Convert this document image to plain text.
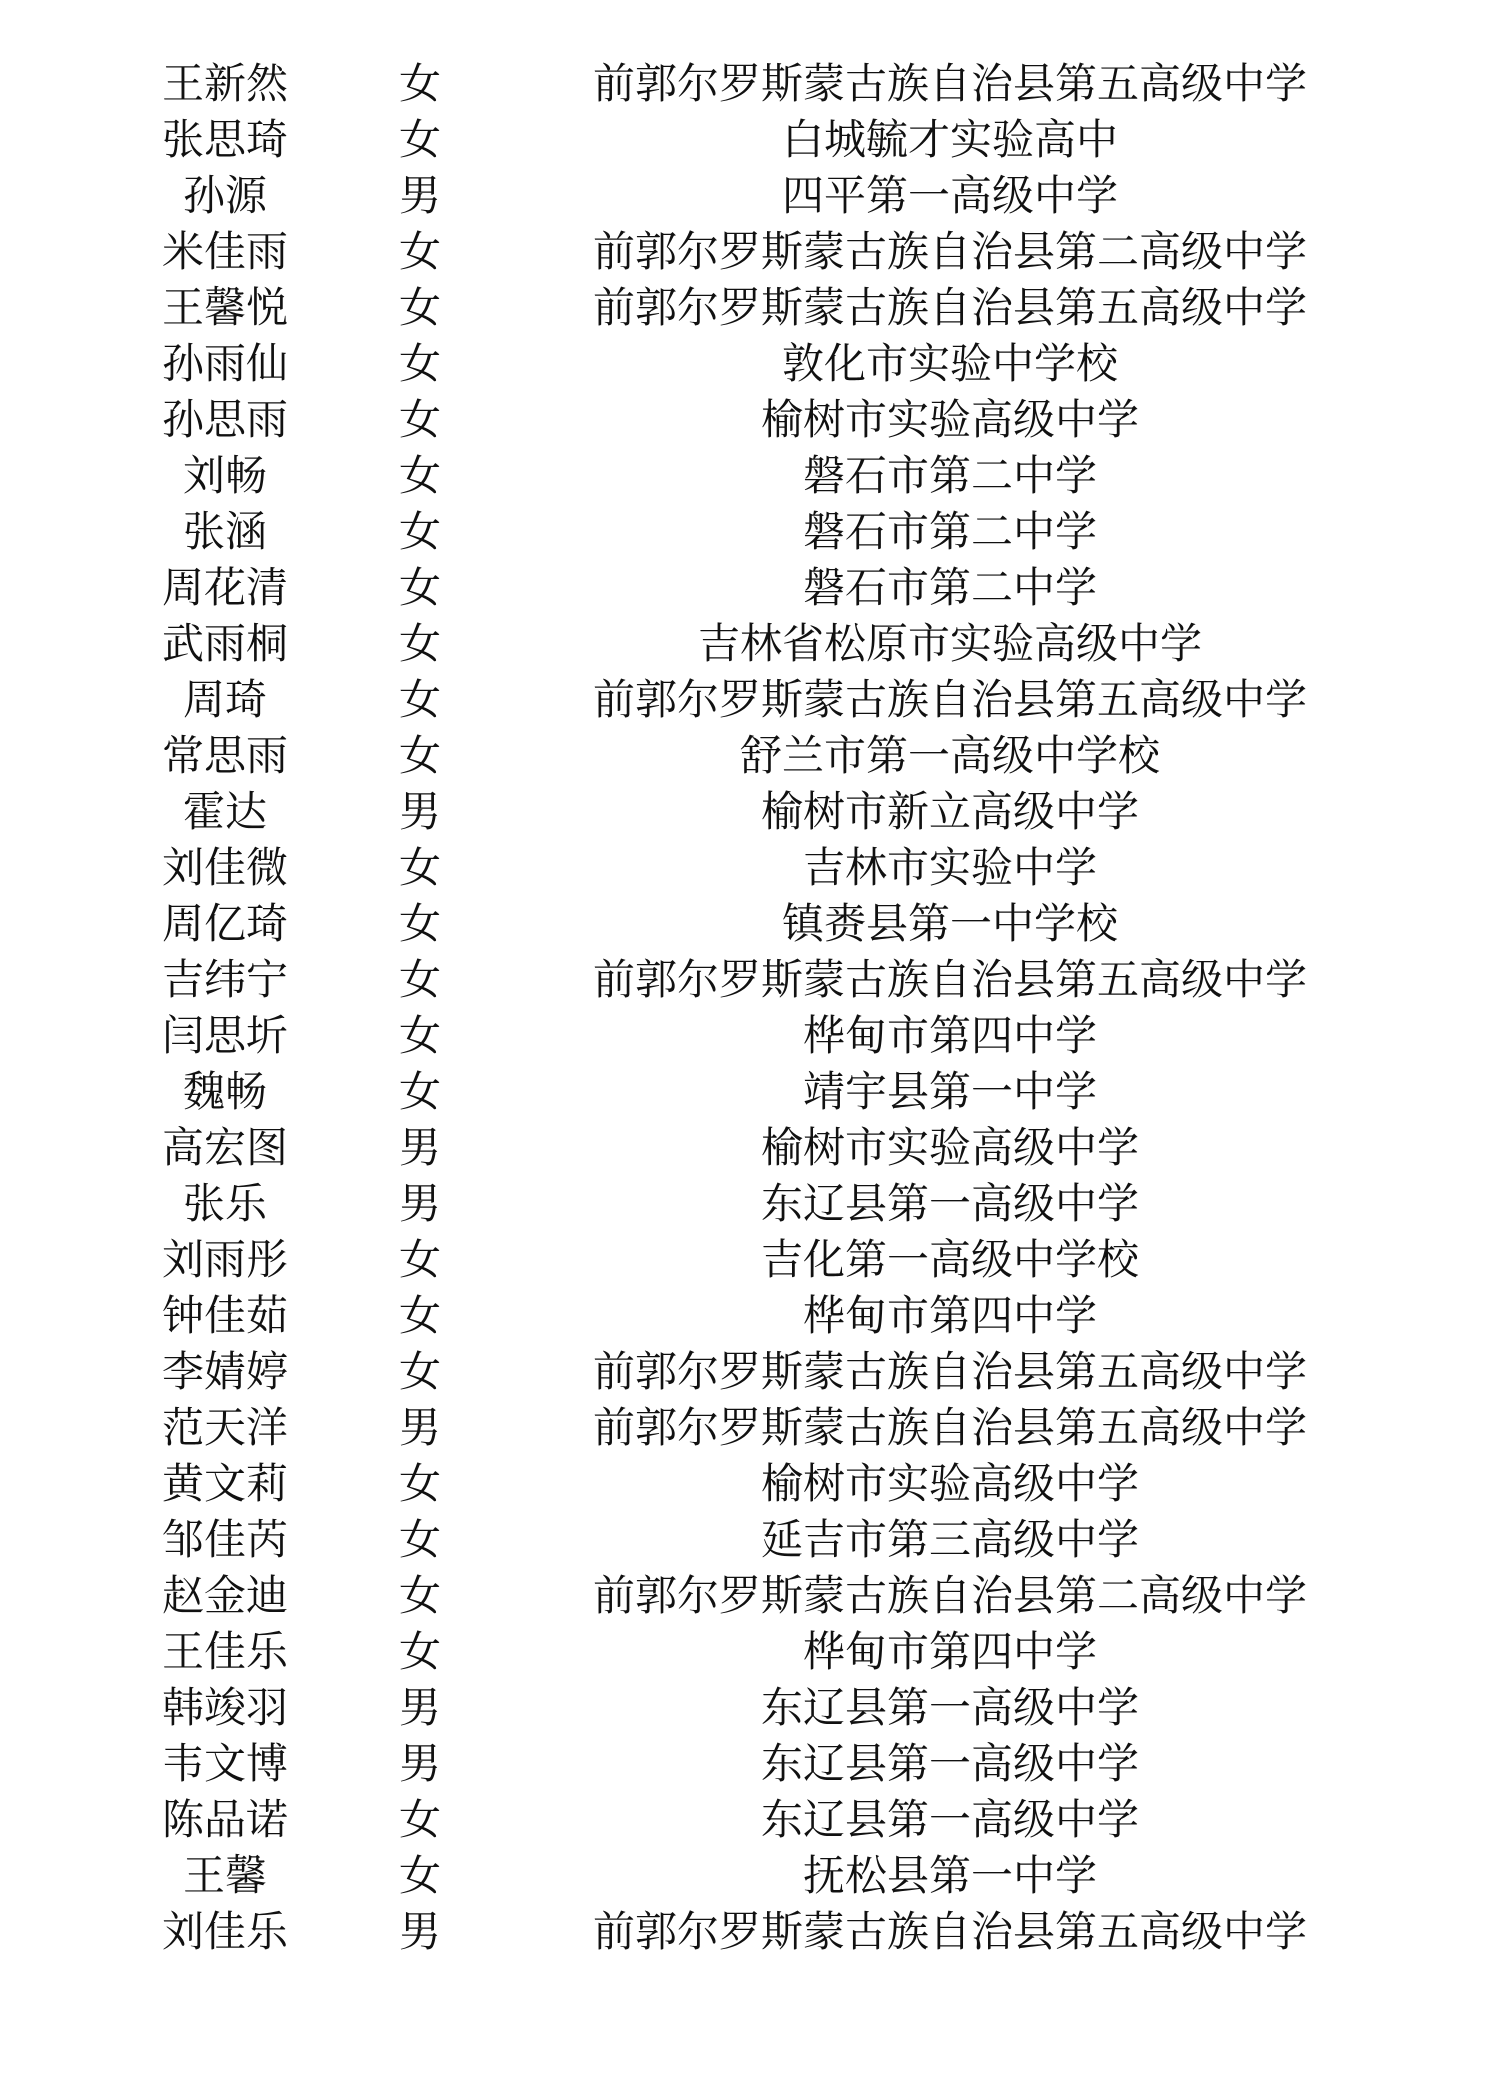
王新然	女	前郭尔罗斯蒙古族自治县第五高级中学
张思琦	女	白城毓才实验高中
孙源	男	四平第一高级中学
米佳雨	女	前郭尔罗斯蒙古族自治县第二高级中学
王馨悦	女	前郭尔罗斯蒙古族自治县第五高级中学
孙雨仙	女	敦化市实验中学校
孙思雨	女	榆树市实验高级中学
刘畅	女	磐石市第二中学
张涵	女	磐石市第二中学
周花清	女	磐石市第二中学
武雨桐	女	吉林省松原市实验高级中学
周琦	女	前郭尔罗斯蒙古族自治县第五高级中学
常思雨	女	舒兰市第一高级中学校
霍达	男	榆树市新立高级中学
刘佳微	女	吉林市实验中学
周亿琦	女	镇赉县第一中学校
吉纬宁	女	前郭尔罗斯蒙古族自治县第五高级中学
闫思圻	女	桦甸市第四中学
魏畅	女	靖宇县第一中学
高宏图	男	榆树市实验高级中学
张乐	男	东辽县第一高级中学
刘雨彤	女	吉化第一高级中学校
钟佳茹	女	桦甸市第四中学
李婧婷	女	前郭尔罗斯蒙古族自治县第五高级中学
范天洋	男	前郭尔罗斯蒙古族自治县第五高级中学
黄文莉	女	榆树市实验高级中学
邹佳芮	女	延吉市第三高级中学
赵金迪	女	前郭尔罗斯蒙古族自治县第二高级中学
王佳乐	女	桦甸市第四中学
韩竣羽	男	东辽县第一高级中学
韦文博	男	东辽县第一高级中学
陈品诺	女	东辽县第一高级中学
王馨	女	抚松县第一中学
刘佳乐	男	前郭尔罗斯蒙古族自治县第五高级中学
